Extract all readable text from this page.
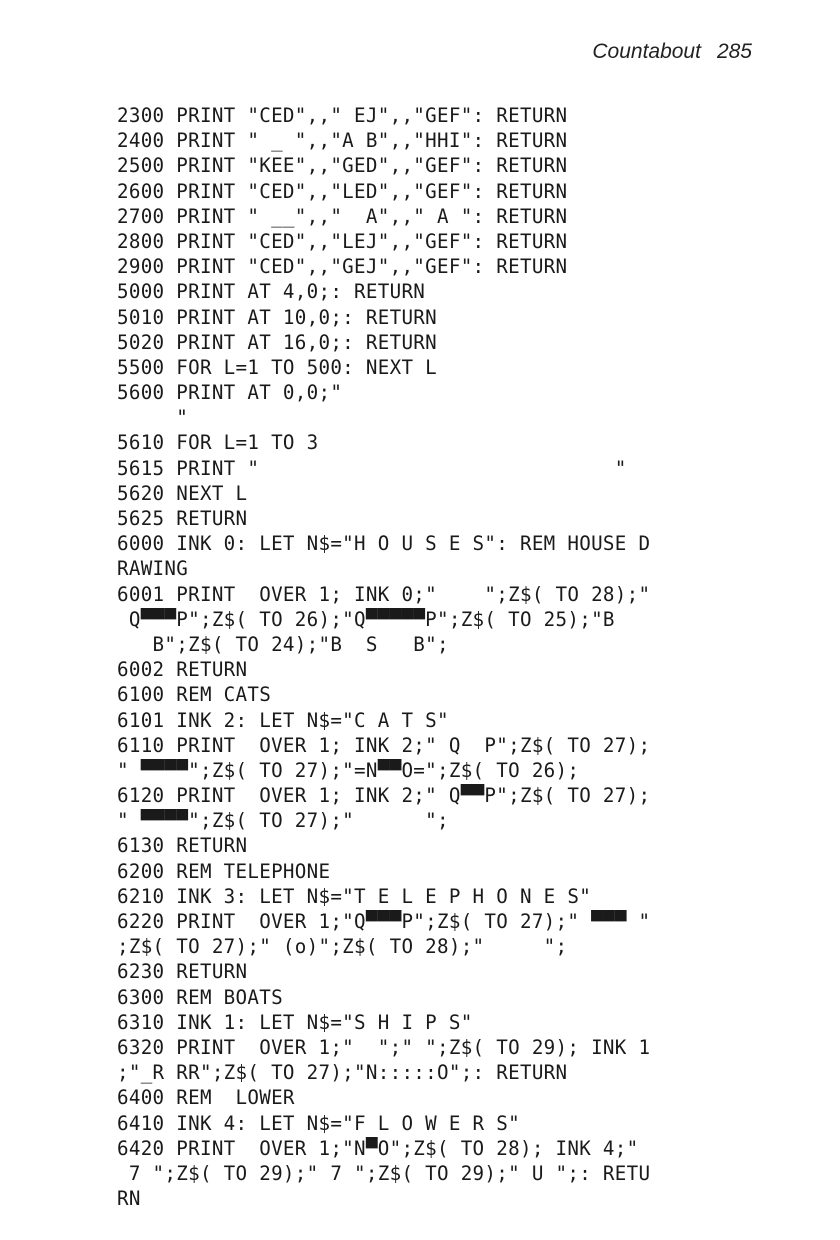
Countabout 285
2300 PRINT "CED",," EJ",,"GEF": RETURN
2400 PRINT " _ ",,"A B",,"HHI": RETURN
2500 PRINT "KEE",,"GED",,"GEF": RETURN
2600 PRINT "CED",,"LED",,"GEF": RETURN
2700 PRINT " __",,"  A",," A ": RETURN
2800 PRINT "CED",,"LEJ",,"GEF": RETURN
2900 PRINT "CED",,"GEJ",,"GEF": RETURN
5000 PRINT AT 4,0;: RETURN
5010 PRINT AT 10,0;: RETURN
5020 PRINT AT 16,0;: RETURN
5500 FOR L=1 TO 500: NEXT L
5600 PRINT AT 0,0;"
"
5610 FOR L=1 TO 3
5615 PRINT "                              "
5620 NEXT L
5625 RETURN
6000 INK 0: LET N$="H O U S E S": REM HOUSE D
RAWING
6001 PRINT  OVER 1; INK 0;"    ";Z$( TO 28);"
Q▀▀▀P";Z$( TO 26);"Q▀▀▀▀▀P";Z$( TO 25);"B
B";Z$( TO 24);"B  S   B";
6002 RETURN
6100 REM CATS
6101 INK 2: LET N$="C A T S"
6110 PRINT  OVER 1; INK 2;" Q  P";Z$( TO 27);
" ▀▀▀▀";Z$( TO 27);"=N▀▀O=";Z$( TO 26);
6120 PRINT  OVER 1; INK 2;" Q▀▀P";Z$( TO 27);
" ▀▀▀▀";Z$( TO 27);"      ";
6130 RETURN
6200 REM TELEPHONE
6210 INK 3: LET N$="T E L E P H O N E S"
6220 PRINT  OVER 1;"Q▀▀▀P";Z$( TO 27);" ▀▀▀ "
;Z$( TO 27);" (o)";Z$( TO 28);"     ";
6230 RETURN
6300 REM BOATS
6310 INK 1: LET N$="S H I P S"
6320 PRINT  OVER 1;"  ";" ";Z$( TO 29); INK 1
;"_R RR";Z$( TO 27);"N:::::O";: RETURN
6400 REM  LOWER
6410 INK 4: LET N$="F L O W E R S"
6420 PRINT  OVER 1;"N▀O";Z$( TO 28); INK 4;"
7 ";Z$( TO 29);" 7 ";Z$( TO 29);" U ";: RETU
RN
